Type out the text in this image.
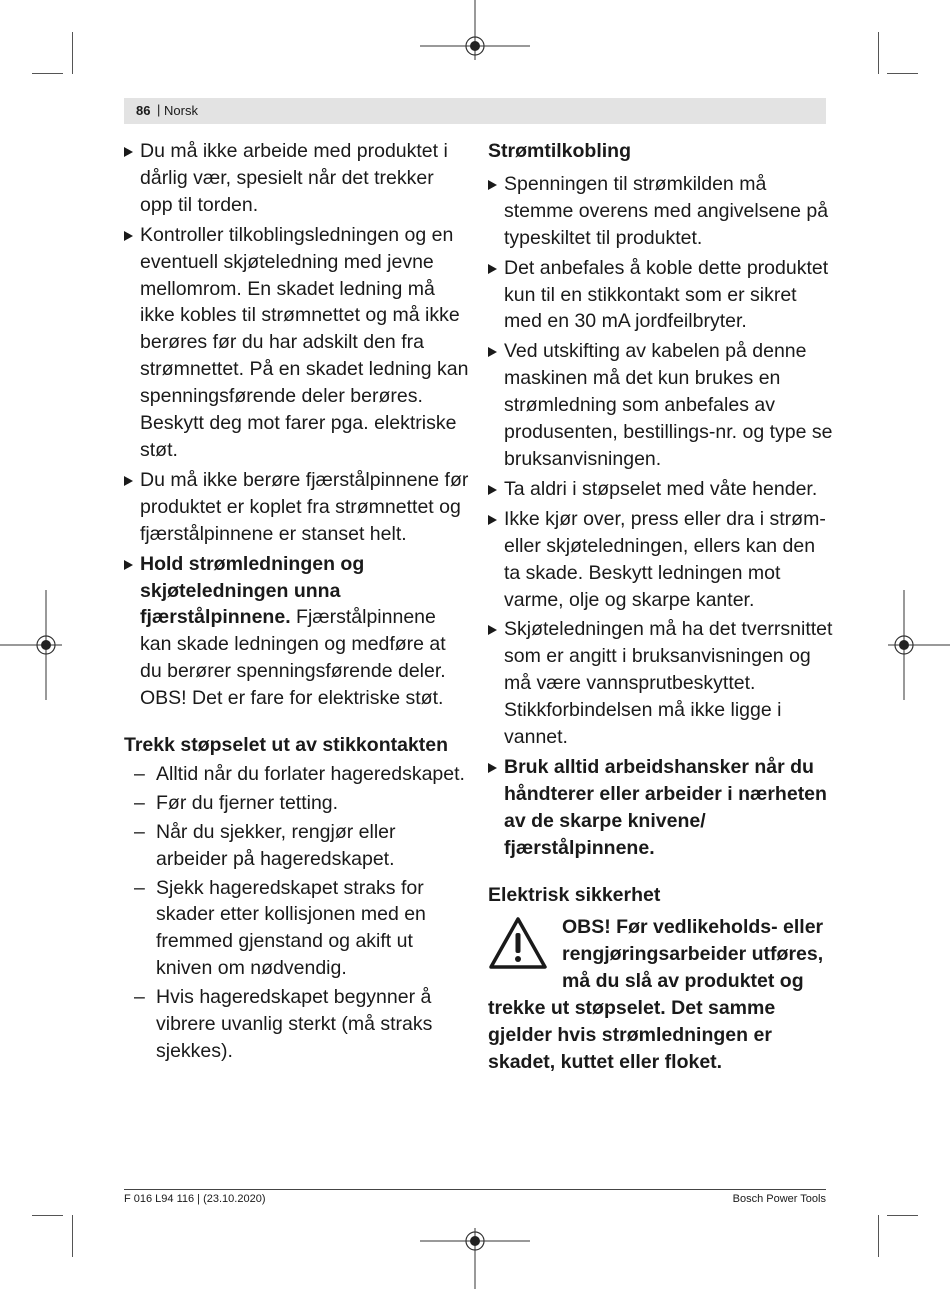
86 | Norsk
Du må ikke arbeide med produktet i dårlig vær, spesielt når det trekker opp til torden.
Kontroller tilkoblingsledningen og en eventuell skjøteledning med jevne mellomrom. En skadet ledning må ikke kobles til strømnettet og må ikke berøres før du har adskilt den fra strømnettet. På en skadet ledning kan spenningsførende deler berøres. Beskytt deg mot farer pga. elektriske støt.
Du må ikke berøre fjærstålpinnene før produktet er koplet fra strømnettet og fjærstålpinnene er stanset helt.
Hold strømledningen og skjøteledningen unna fjærstålpinnene. Fjærstålpinnene kan skade ledningen og medføre at du berører spenningsførende deler. OBS! Det er fare for elektriske støt.
Trekk støpselet ut av stikkontakten
– Alltid når du forlater hageredskapet.
– Før du fjerner tetting.
– Når du sjekker, rengjør eller arbeider på hageredskapet.
– Sjekk hageredskapet straks for skader etter kollisjonen med en fremmed gjenstand og akift ut kniven om nødvendig.
– Hvis hageredskapet begynner å vibrere uvanlig sterkt (må straks sjekkes).
Strømtilkobling
Spenningen til strømkilden må stemme overens med angivelsene på typeskiltet til produktet.
Det anbefales å koble dette produktet kun til en stikkontakt som er sikret med en 30 mA jordfeilbryter.
Ved utskifting av kabelen på denne maskinen må det kun brukes en strømledning som anbefales av produsenten, bestillings-nr. og type se bruksanvisningen.
Ta aldri i støpselet med våte hender.
Ikke kjør over, press eller dra i strøm- eller skjøteledningen, ellers kan den ta skade. Beskytt ledningen mot varme, olje og skarpe kanter.
Skjøteledningen må ha det tverrsnittet som er angitt i bruksanvisningen og må være vannsprutbeskyttet. Stikkforbindelsen må ikke ligge i vannet.
Bruk alltid arbeidshansker når du håndterer eller arbeider i nærheten av de skarpe knivene/ fjærstålpinnene.
Elektrisk sikkerhet
OBS! Før vedlikeholds- eller rengjøringsarbeider utføres, må du slå av produktet og trekke ut støpselet. Det samme gjelder hvis strømledningen er skadet, kuttet eller floket.
F 016 L94 116 | (23.10.2020)	Bosch Power Tools
